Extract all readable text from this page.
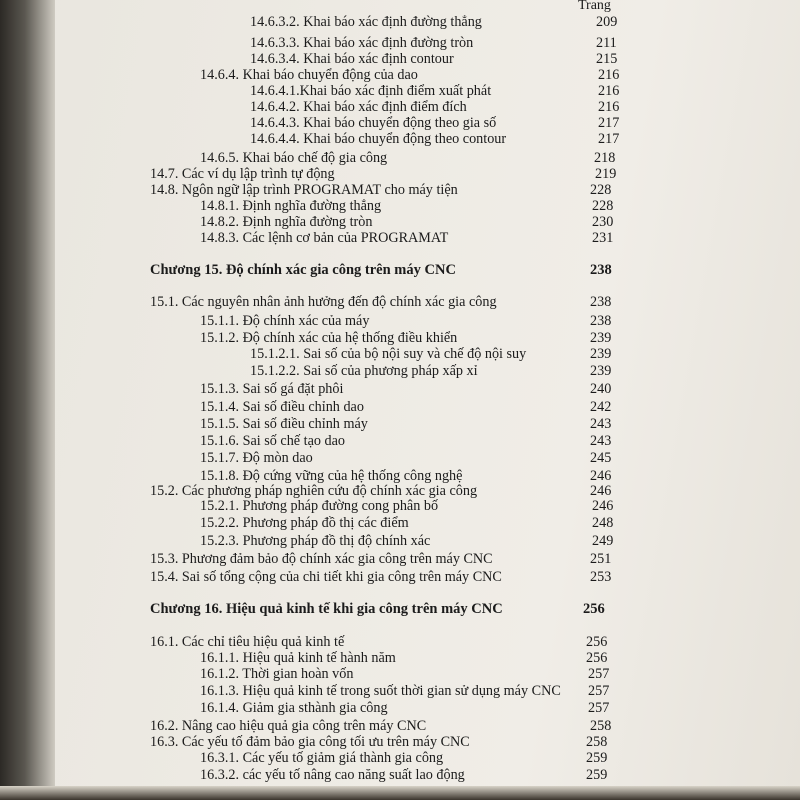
Trang
14.6.3.2. Khai báo xác định đường thẳng	209
14.6.3.3. Khai báo xác định đường tròn	211
14.6.3.4. Khai báo xác định contour	215
14.6.4. Khai báo chuyển động của dao	216
14.6.4.1.Khai báo xác định điểm xuất phát	216
14.6.4.2. Khai báo xác định điểm đích	216
14.6.4.3. Khai báo chuyển động theo gia số	217
14.6.4.4. Khai báo chuyển động theo contour	217
14.6.5. Khai báo chế độ gia công	218
14.7. Các ví dụ lập trình tự động	219
14.8. Ngôn ngữ lập trình PROGRAMAT cho máy tiện	228
14.8.1. Định nghĩa đường thẳng	228
14.8.2. Định nghĩa đường tròn	230
14.8.3. Các lệnh cơ bản của PROGRAMAT	231
Chương 15. Độ chính xác gia công trên máy CNC	238
15.1. Các nguyên nhân ảnh hưởng đến độ chính xác gia công	238
15.1.1. Độ chính xác của máy	238
15.1.2. Độ chính xác của hệ thống điều khiển	239
15.1.2.1. Sai số của bộ nội suy và chế độ nội suy	239
15.1.2.2. Sai số của phương pháp xấp xỉ	239
15.1.3. Sai số gá đặt phôi	240
15.1.4. Sai số điều chỉnh dao	242
15.1.5. Sai số điều chỉnh máy	243
15.1.6. Sai số chế tạo dao	243
15.1.7. Độ mòn dao	245
15.1.8. Độ cứng vững của hệ thống công nghệ	246
15.2. Các phương pháp nghiên cứu độ chính xác gia công	246
15.2.1. Phương pháp đường cong phân bố	246
15.2.2. Phương pháp đồ thị các điểm	248
15.2.3. Phương pháp đồ thị độ chính xác	249
15.3. Phương đảm bảo độ chính xác gia công trên máy CNC	251
15.4. Sai số tổng cộng của chi tiết khi gia công trên máy CNC	253
Chương 16. Hiệu quả kinh tế khi gia công trên máy CNC	256
16.1. Các chỉ tiêu hiệu quả kinh tế	256
16.1.1. Hiệu quả kinh tế hành năm	256
16.1.2. Thời gian hoàn vốn	257
16.1.3. Hiệu quả kinh tế trong suốt thời gian sử dụng máy CNC 257
16.1.4. Giảm gia sthành gia công	257
16.2. Nâng cao hiệu quả gia công trên máy CNC	258
16.3. Các yếu tố đảm bảo gia công tối ưu trên máy CNC	258
16.3.1. Các yếu tố giảm giá thành gia công	259
16.3.2. các yếu tố nâng cao năng suất lao động	259
